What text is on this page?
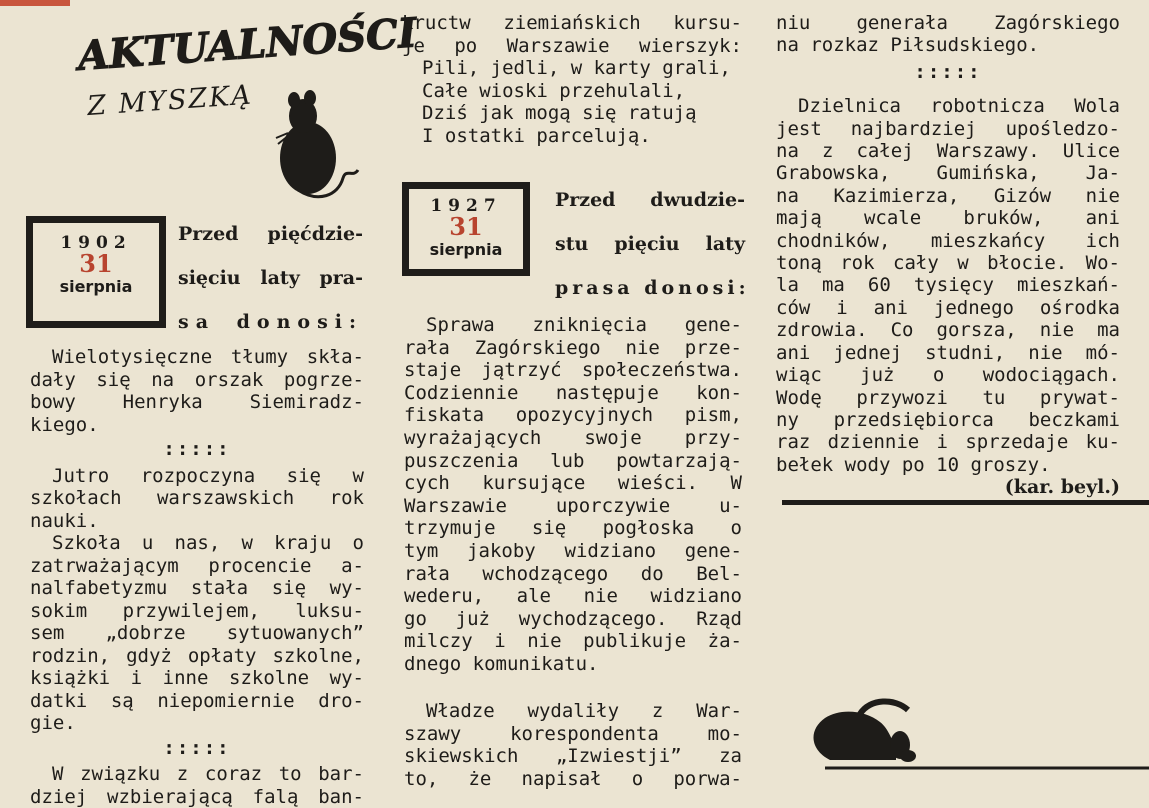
AKTUALNOŚCI
Z MYSZKĄ
1902
31
sierpnia
Przed pięćdzie-
sięciu laty pra-
sa donosi:
Wielotysięczne tłumy skła-
dały się na orszak pogrze-
bowy Henryka Siemiradz-
kiego.
:::::
Jutro rozpoczyna się w
szkołach warszawskich rok
nauki.
Szkoła u nas, w kraju o
zatrważającym procencie a-
nalfabetyzmu stała się wy-
sokim przywilejem, luksu-
sem „dobrze sytuowanych”
rodzin, gdyż opłaty szkolne,
książki i inne szkolne wy-
datki są niepomiernie dro-
gie.
:::::
W związku z coraz to bar-
dziej wzbierającą falą ban-
kructw ziemiańskich kursu-
je po Warszawie wierszyk:
Pili, jedli, w karty grali,
Całe wioski przehulali,
Dziś jak mogą się ratują
I ostatki parcelują.
1927
31
sierpnia
Przed dwudzie-
stu pięciu laty
prasa donosi:
Sprawa zniknięcia gene-
rała Zagórskiego nie prze-
staje jątrzyć społeczeństwa.
Codziennie następuje kon-
fiskata opozycyjnych pism,
wyrażających swoje przy-
puszczenia lub powtarzają-
cych kursujące wieści. W
Warszawie uporczywie u-
trzymuje się pogłoska o
tym jakoby widziano gene-
rała wchodzącego do Bel-
wederu, ale nie widziano
go już wychodzącego. Rząd
milczy i nie publikuje ża-
dnego komunikatu.
Władze wydaliły z War-
szawy korespondenta mo-
skiewskich „Izwiestji” za
to, że napisał o porwa-
niu generała Zagórskiego
na rozkaz Piłsudskiego.
:::::
Dzielnica robotnicza Wola
jest najbardziej upośledzo-
na z całej Warszawy. Ulice
Grabowska, Gumińska, Ja-
na Kazimierza, Gizów nie
mają wcale bruków, ani
chodników, mieszkańcy ich
toną rok cały w błocie. Wo-
la ma 60 tysięcy mieszkań-
ców i ani jednego ośrodka
zdrowia. Co gorsza, nie ma
ani jednej studni, nie mó-
wiąc już o wodociągach.
Wodę przywozi tu prywat-
ny przedsiębiorca beczkami
raz dziennie i sprzedaje ku-
bełek wody po 10 groszy.
(kar. beyl.)
